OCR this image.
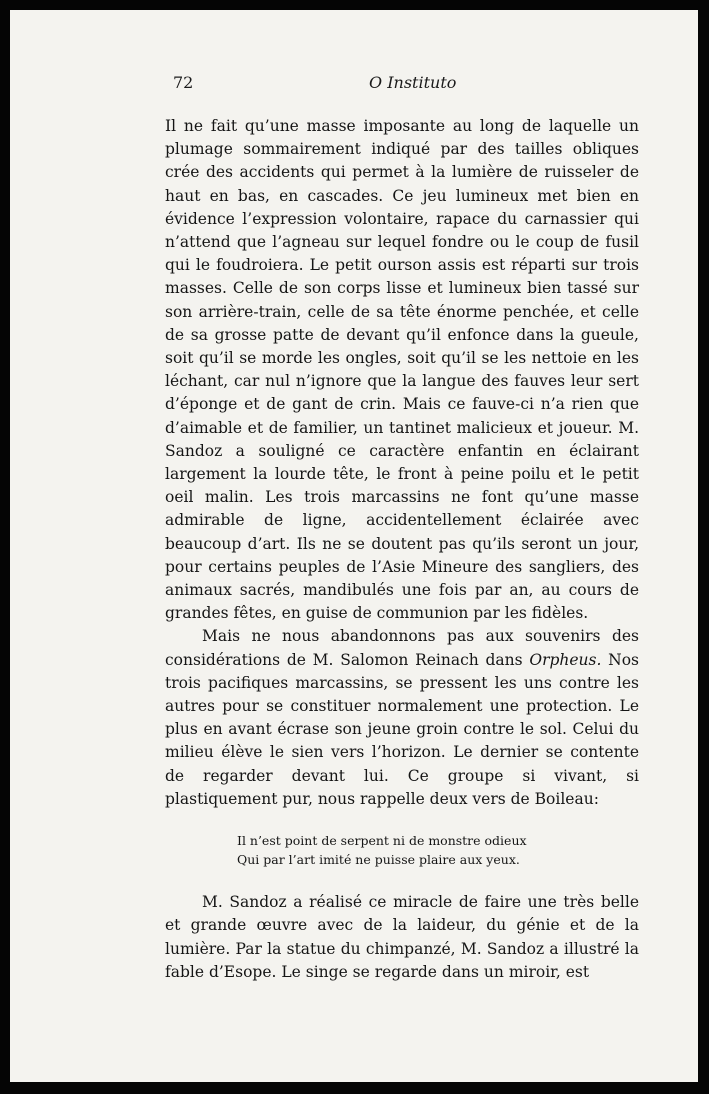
72	O Instituto

Il ne fait qu’une masse imposante au long de laquelle un plumage sommairement indiqué par des tailles obliques crée des accidents qui permet à la lumière de ruisseler de haut en bas, en cascades. Ce jeu lumineux met bien en évidence l’expression volontaire, rapace du carnassier qui n’attend que l’agneau sur lequel fondre ou le coup de fusil qui le foudroiera. Le petit ourson assis est réparti sur trois masses. Celle de son corps lisse et lumineux bien tassé sur son arrière-train, celle de sa tête énorme penchée, et celle de sa grosse patte de devant qu’il enfonce dans la gueule, soit qu’il se morde les ongles, soit qu’il se les nettoie en les léchant, car nul n’ignore que la langue des fauves leur sert d’éponge et de gant de crin. Mais ce fauve-ci n’a rien que d’aimable et de familier, un tantinet malicieux et joueur. M. Sandoz a souligné ce caractère enfantin en éclairant largement la lourde tête, le front à peine poilu et le petit oeil malin. Les trois marcassins ne font qu’une masse admirable de ligne, accidentellement éclairée avec beaucoup d’art. Ils ne se doutent pas qu’ils seront un jour, pour certains peuples de l’Asie Mineure des sangliers, des animaux sacrés, mandibulés une fois par an, au cours de grandes fêtes, en guise de communion par les fidèles.

Mais ne nous abandonnons pas aux souvenirs des considérations de M. Salomon Reinach dans Orpheus. Nos trois pacifiques marcassins, se pressent les uns contre les autres pour se constituer normalement une protection. Le plus en avant écrase son jeune groin contre le sol. Celui du milieu élève le sien vers l’horizon. Le dernier se contente de regarder devant lui. Ce groupe si vivant, si plastiquement pur, nous rappelle deux vers de Boileau:

Il n’est point de serpent ni de monstre odieux
Qui par l’art imité ne puisse plaire aux yeux.

M. Sandoz a réalisé ce miracle de faire une très belle et grande œuvre avec de la laideur, du génie et de la lumière. Par la statue du chimpanzé, M. Sandoz a illustré la fable d’Esope. Le singe se regarde dans un miroir, est
